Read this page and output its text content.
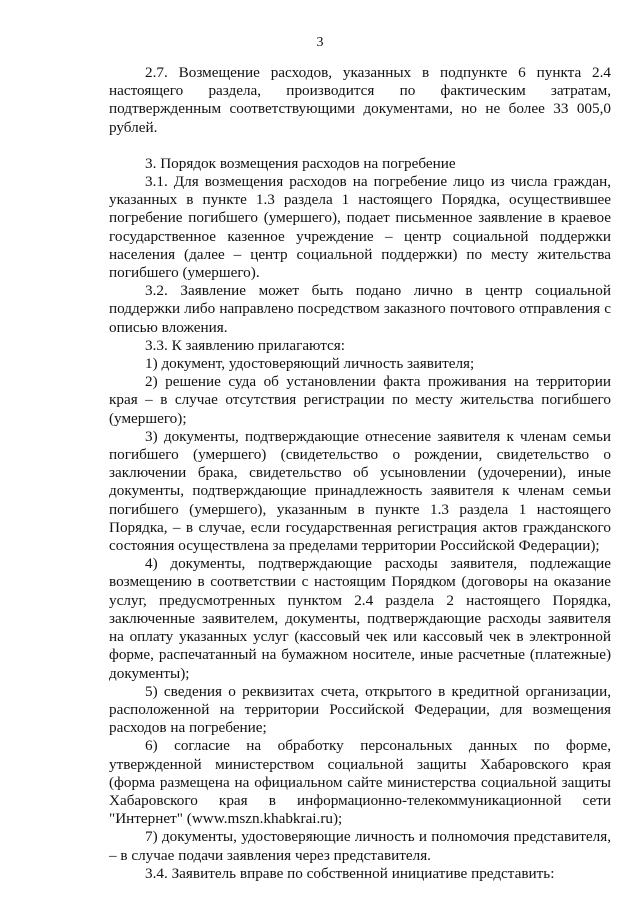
3

2.7. Возмещение расходов, указанных в подпункте 6 пункта 2.4 настоящего раздела, производится по фактическим затратам, подтвержденным соответствующими документами, но не более 33 005,0 рублей.

3. Порядок возмещения расходов на погребение

3.1. Для возмещения расходов на погребение лицо из числа граждан, указанных в пункте 1.3 раздела 1 настоящего Порядка, осуществившее погребение погибшего (умершего), подает письменное заявление в краевое государственное казенное учреждение – центр социальной поддержки населения (далее – центр социальной поддержки) по месту жительства погибшего (умершего).

3.2. Заявление может быть подано лично в центр социальной поддержки либо направлено посредством заказного почтового отправления с описью вложения.

3.3. К заявлению прилагаются:

1) документ, удостоверяющий личность заявителя;

2) решение суда об установлении факта проживания на территории края – в случае отсутствия регистрации по месту жительства погибшего (умершего);

3) документы, подтверждающие отнесение заявителя к членам семьи погибшего (умершего) (свидетельство о рождении, свидетельство о заключении брака, свидетельство об усыновлении (удочерении), иные документы, подтверждающие принадлежность заявителя к членам семьи погибшего (умершего), указанным в пункте 1.3 раздела 1 настоящего Порядка, – в случае, если государственная регистрация актов гражданского состояния осуществлена за пределами территории Российской Федерации);

4) документы, подтверждающие расходы заявителя, подлежащие возмещению в соответствии с настоящим Порядком (договоры на оказание услуг, предусмотренных пунктом 2.4 раздела 2 настоящего Порядка, заключенные заявителем, документы, подтверждающие расходы заявителя на оплату указанных услуг (кассовый чек или кассовый чек в электронной форме, распечатанный на бумажном носителе, иные расчетные (платежные) документы);

5) сведения о реквизитах счета, открытого в кредитной организации, расположенной на территории Российской Федерации, для возмещения расходов на погребение;

6) согласие на обработку персональных данных по форме, утвержденной министерством социальной защиты Хабаровского края (форма размещена на официальном сайте министерства социальной защиты Хабаровского края в информационно-телекоммуникационной сети "Интернет" (www.mszn.khabkrai.ru);

7) документы, удостоверяющие личность и полномочия представителя, – в случае подачи заявления через представителя.

3.4. Заявитель вправе по собственной инициативе представить:
